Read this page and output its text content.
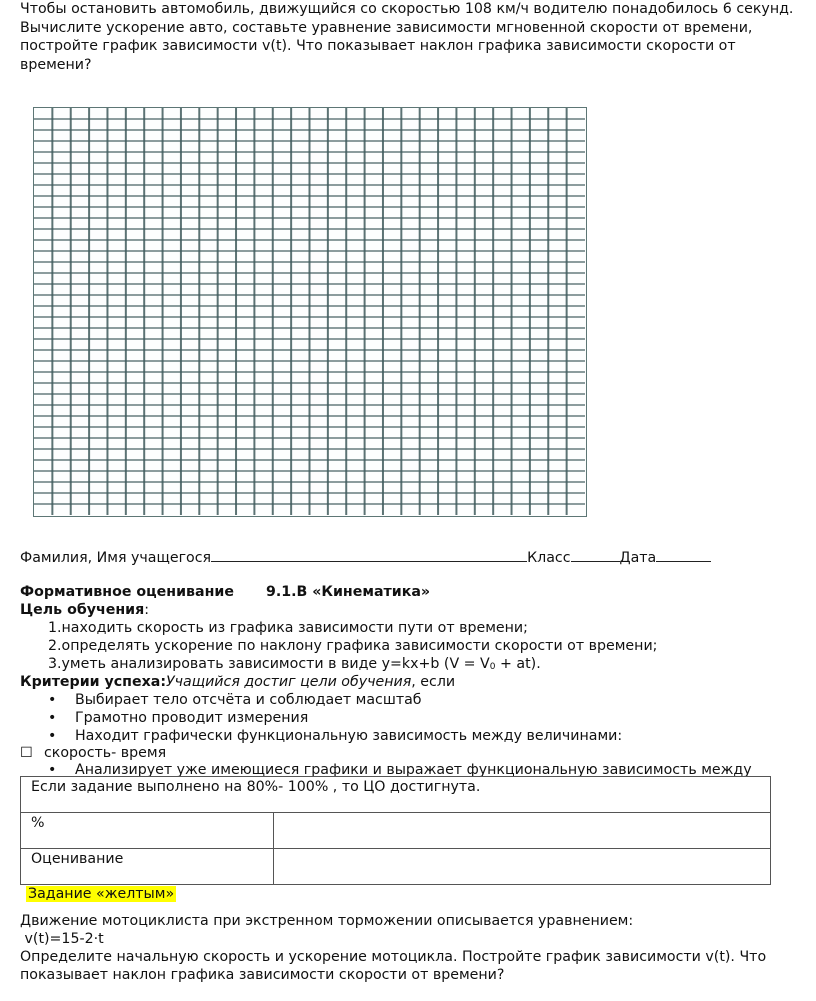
Чтобы остановить автомобиль, движущийся со скоростью 108 км/ч водителю понадобилось 6 секунд.
Вычислите ускорение авто, составьте уравнение зависимости мгновенной скорости от времени,
постройте график зависимости v(t). Что показывает наклон графика зависимости скорости от
времени?
Фамилия, Имя учащегося	Класс	Дата
Формативное оценивание 9.1.В «Кинематика»
Цель обучения:
1.находить скорость из графика зависимости пути от времени;
2.определять ускорение по наклону графика зависимости скорости от времени;
3.уметь анализировать зависимости в виде y=kx+b $(V = V_0 + at)$.
Критерии успеха:Учащийся достиг цели обучения, если
• Выбирает тело отсчёта и соблюдает масштаб
• Грамотно проводит измерения
• Находит графически функциональную зависимость между величинами:
☐ скорость- время
• Анализирует уже имеющиеся графики и выражает функциональную зависимость между
Если задание выполнено на 80%- 100% , то ЦО достигнута.	
%	
Оценивание	
Задание «желтым»
Движение мотоциклиста при экстренном торможении описывается уравнением:
v(t)=15-2·t
Определите начальную скорость и ускорение мотоцикла. Постройте график зависимости v(t). Что
показывает наклон графика зависимости скорости от времени?
